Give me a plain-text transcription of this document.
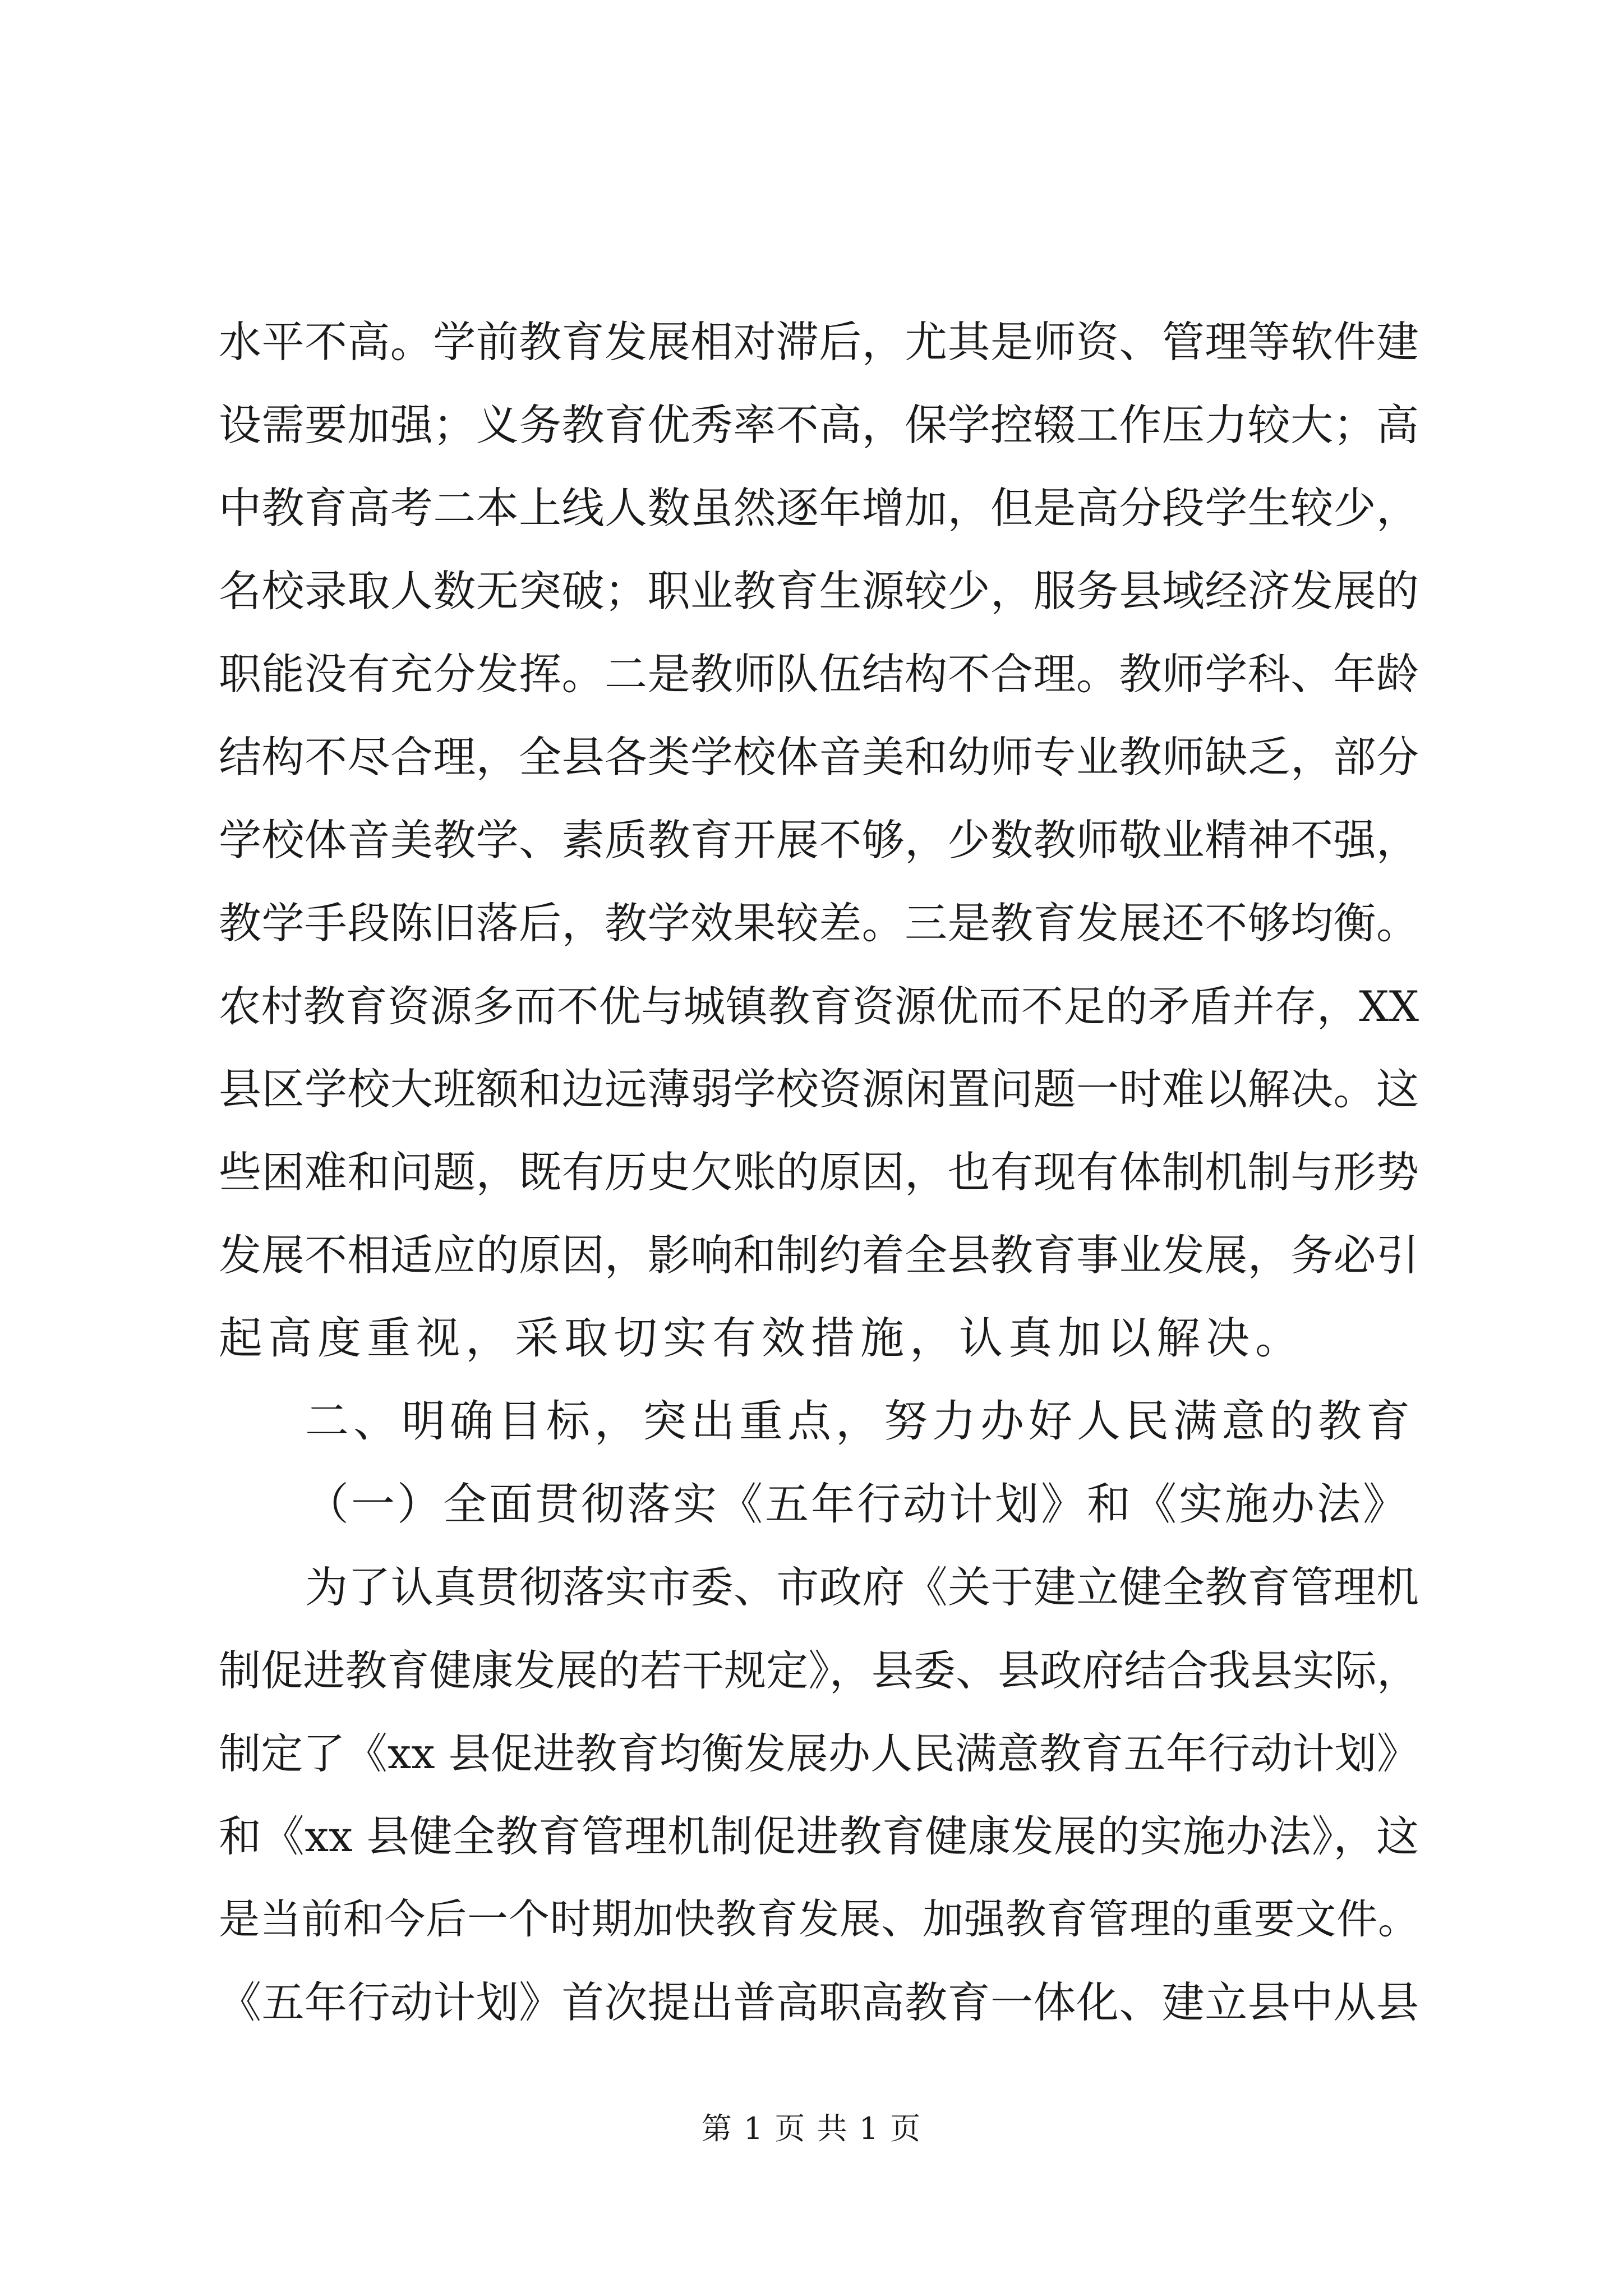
水平不高。学前教育发展相对滞后，尤其是师资、管理等软件建
设需要加强；义务教育优秀率不高，保学控辍工作压力较大；高
中教育高考二本上线人数虽然逐年增加，但是高分段学生较少，
名校录取人数无突破；职业教育生源较少，服务县域经济发展的
职能没有充分发挥。二是教师队伍结构不合理。教师学科、年龄
结构不尽合理，全县各类学校体音美和幼师专业教师缺乏，部分
学校体音美教学、素质教育开展不够，少数教师敬业精神不强，
教学手段陈旧落后，教学效果较差。三是教育发展还不够均衡。
农村教育资源多而不优与城镇教育资源优而不足的矛盾并存，XX
县区学校大班额和边远薄弱学校资源闲置问题一时难以解决。这
些困难和问题，既有历史欠账的原因，也有现有体制机制与形势
发展不相适应的原因，影响和制约着全县教育事业发展，务必引
起高度重视，采取切实有效措施，认真加以解决。
二、明确目标，突出重点，努力办好人民满意的教育
（一）全面贯彻落实《五年行动计划》和《实施办法》
为了认真贯彻落实市委、市政府《关于建立健全教育管理机
制促进教育健康发展的若干规定》，县委、县政府结合我县实际，
制定了《xx 县促进教育均衡发展办人民满意教育五年行动计划》
和《xx 县健全教育管理机制促进教育健康发展的实施办法》，这
是当前和今后一个时期加快教育发展、加强教育管理的重要文件。
《五年行动计划》首次提出普高职高教育一体化、建立县中从县
第 1 页 共 1 页
